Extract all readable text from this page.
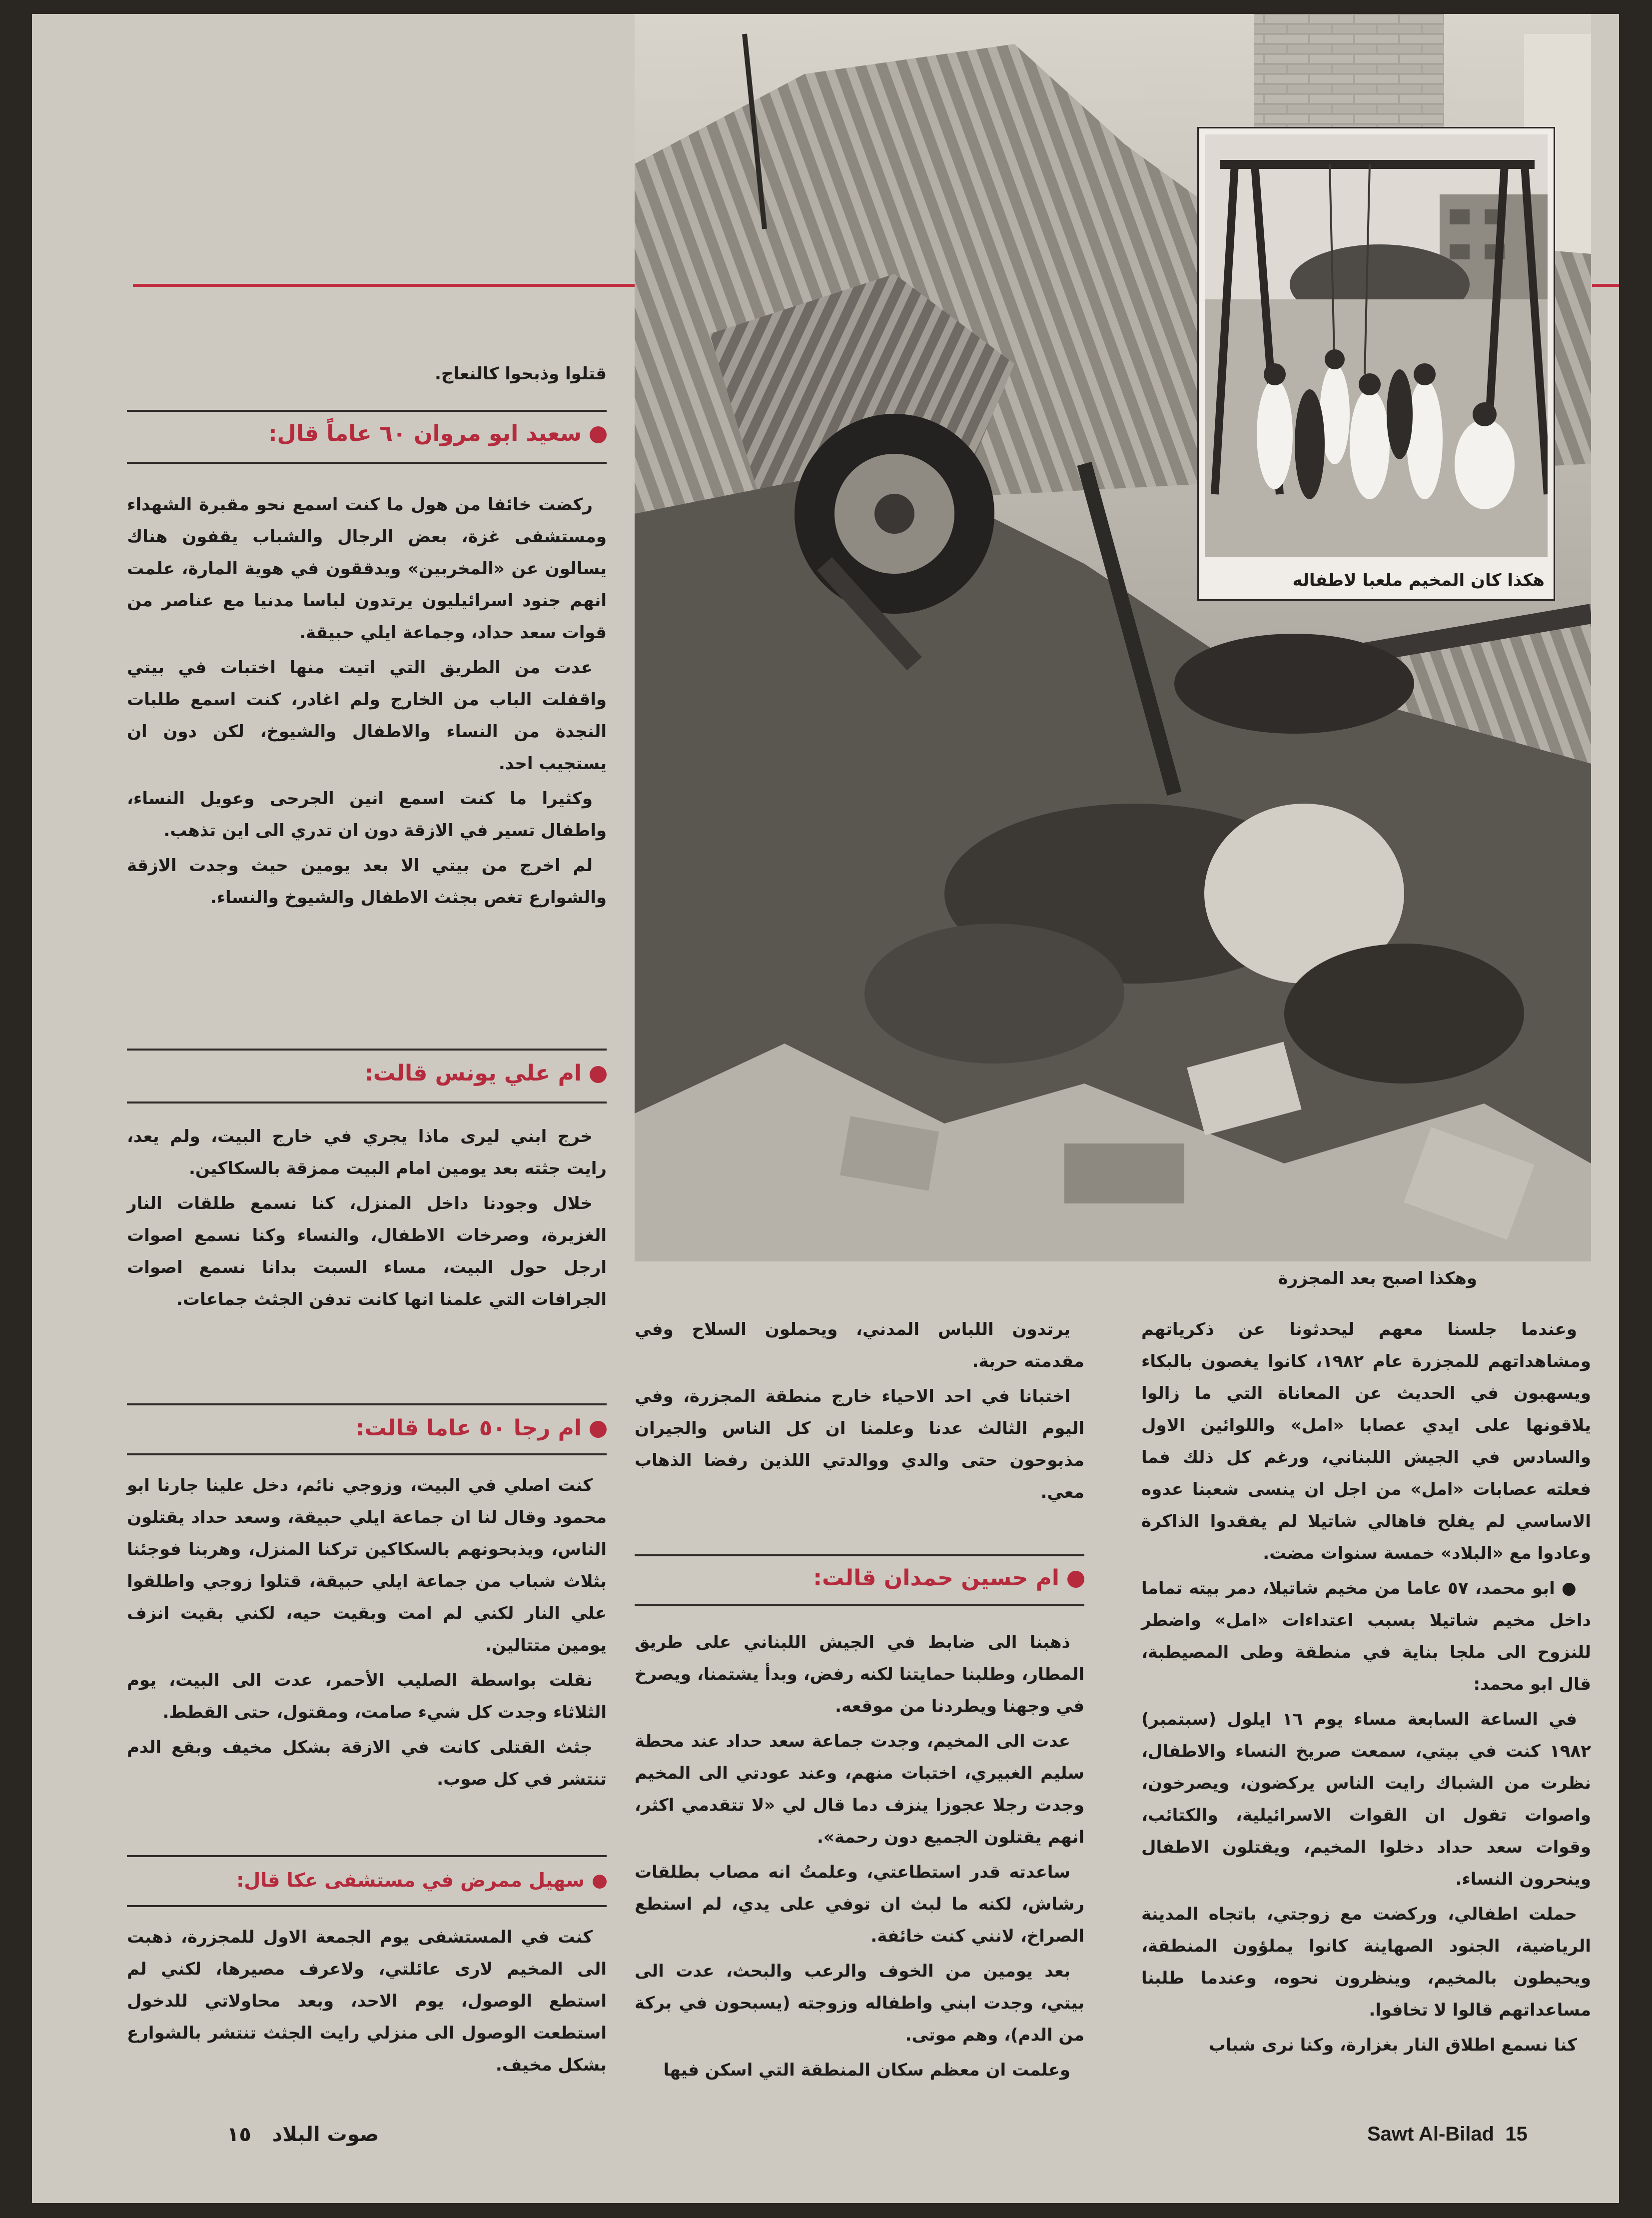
هكذا كان المخيم ملعبا لاطفاله
وهكذا اصبح بعد المجزرة
قتلوا وذبحوا كالنعاج.
سعيد ابو مروان ٦٠ عاماً قال:

ركضت خائفا من هول ما كنت اسمع نحو مقبرة الشهداء ومستشفى غزة، بعض الرجال والشباب يقفون هناك يسالون عن «المخربين» ويدققون في هوية المارة، علمت انهم جنود اسرائيليون يرتدون لباسا مدنيا مع عناصر من قوات سعد حداد، وجماعة ايلي حبيقة.

عدت من الطريق التي اتيت منها اختبات في بيتي واقفلت الباب من الخارج ولم اغادر، كنت اسمع طلبات النجدة من النساء والاطفال والشيوخ، لكن دون ان يستجيب احد.

وكثيرا ما كنت اسمع انين الجرحى وعويل النساء، واطفال تسير في الازقة دون ان تدري الى اين تذهب.

لم اخرج من بيتي الا بعد يومين حيث وجدت الازقة والشوارع تغص بجثث الاطفال والشيوخ والنساء.

ام علي يونس قالت:

خرج ابني ليرى ماذا يجري في خارج البيت، ولم يعد، رايت جثته بعد يومين امام البيت ممزقة بالسكاكين.

خلال وجودنا داخل المنزل، كنا نسمع طلقات النار الغزيرة، وصرخات الاطفال، والنساء وكنا نسمع اصوات ارجل حول البيت، مساء السبت بدانا نسمع اصوات الجرافات التي علمنا انها كانت تدفن الجثث جماعات.

ام رجا ٥٠ عاما قالت:

كنت اصلي في البيت، وزوجي نائم، دخل علينا جارنا ابو محمود وقال لنا ان جماعة ايلي حبيقة، وسعد حداد يقتلون الناس، ويذبحونهم بالسكاكين تركنا المنزل، وهربنا فوجئنا بثلاث شباب من جماعة ايلي حبيقة، قتلوا زوجي واطلقوا علي النار لكني لم امت وبقيت حيه، لكني بقيت انزف يومين متتالين.

نقلت بواسطة الصليب الأحمر، عدت الى البيت، يوم الثلاثاء وجدت كل شيء صامت، ومقتول، حتى القطط.

جثث القتلى كانت في الازقة بشكل مخيف وبقع الدم تنتشر في كل صوب.

سهيل ممرض في مستشفى عكا قال:

كنت في المستشفى يوم الجمعة الاول للمجزرة، ذهبت الى المخيم لارى عائلتي، ولاعرف مصيرها، لكني لم استطع الوصول، يوم الاحد، وبعد محاولاتي للدخول استطعت الوصول الى منزلي رايت الجثث تنتشر بالشوارع بشكل مخيف.

يرتدون اللباس المدني، ويحملون السلاح وفي مقدمته حربة.

اختبانا في احد الاحياء خارج منطقة المجزرة، وفي اليوم الثالث عدنا وعلمنا ان كل الناس والجيران مذبوحون حتى والدي ووالدتي اللذين رفضا الذهاب معي.

ام حسين حمدان قالت:

ذهبنا الى ضابط في الجيش اللبناني على طريق المطار، وطلبنا حمايتنا لكنه رفض، وبدأ يشتمنا، ويصرخ في وجهنا ويطردنا من موقعه.

عدت الى المخيم، وجدت جماعة سعد حداد عند محطة سليم الغبيري، اختبات منهم، وعند عودتي الى المخيم وجدت رجلا عجوزا ينزف دما قال لي «لا تتقدمي اكثر، انهم يقتلون الجميع دون رحمة».

ساعدته قدر استطاعتي، وعلمتُ انه مصاب بطلقات رشاش، لكنه ما لبث ان توفي على يدي، لم استطع الصراخ، لانني كنت خائفة.

بعد يومين من الخوف والرعب والبحث، عدت الى بيتي، وجدت ابني واطفاله وزوجته (يسبحون في بركة من الدم)، وهم موتى.

وعلمت ان معظم سكان المنطقة التي اسكن فيها

وعندما جلسنا معهم ليحدثونا عن ذكرياتهم ومشاهداتهم للمجزرة عام ١٩٨٢، كانوا يغصون بالبكاء ويسهبون في الحديث عن المعاناة التي ما زالوا يلاقونها على ايدي عصابا «امل» واللوائين الاول والسادس في الجيش اللبناني، ورغم كل ذلك فما فعلته عصابات «امل» من اجل ان ينسى شعبنا عدوه الاساسي لم يفلح فاهالي شاتيلا لم يفقدوا الذاكرة وعادوا مع «البلاد» خمسة سنوات مضت.

● ابو محمد، ٥٧ عاما من مخيم شاتيلا، دمر بيته تماما داخل مخيم شاتيلا بسبب اعتداءات «امل» واضطر للنزوح الى ملجا بناية في منطقة وطى المصيطبة، قال ابو محمد:

في الساعة السابعة مساء يوم ١٦ ايلول (سبتمبر) ١٩٨٢ كنت في بيتي، سمعت صريخ النساء والاطفال، نظرت من الشباك رايت الناس يركضون، ويصرخون، واصوات تقول ان القوات الاسرائيلية، والكتائب، وقوات سعد حداد دخلوا المخيم، ويقتلون الاطفال وينحرون النساء.

حملت اطفالي، وركضت مع زوجتي، باتجاه المدينة الرياضية، الجنود الصهاينة كانوا يملؤون المنطقة، ويحيطون بالمخيم، وينظرون نحوه، وعندما طلبنا مساعداتهم قالوا لا تخافوا.

كنا نسمع اطلاق النار بغزارة، وكنا نرى شباب

صوت البلاد   ١٥	Sawt Al-Bilad 15
